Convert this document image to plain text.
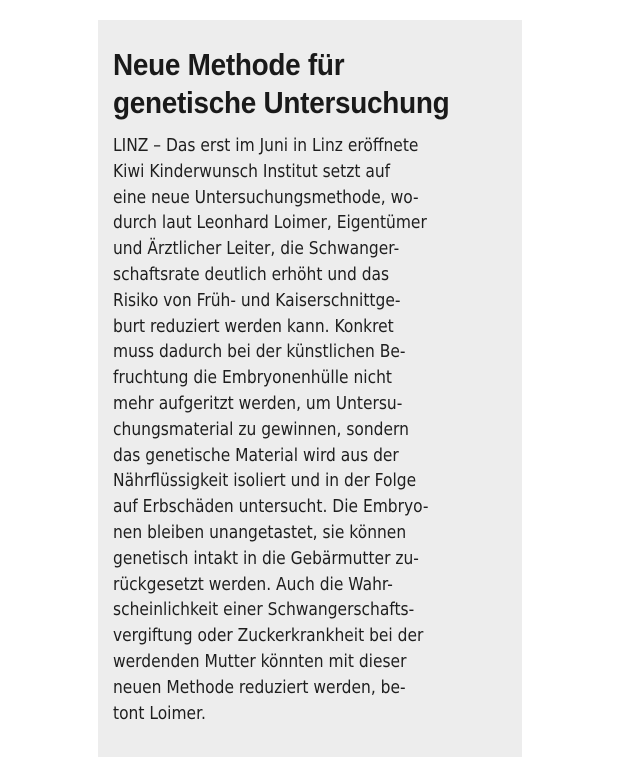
Neue Methode für
genetische Untersuchung
LINZ – Das erst im Juni in Linz eröffnete
Kiwi Kinderwunsch Institut setzt auf
eine neue Untersuchungsmethode, wo-
durch laut Leonhard Loimer, Eigentümer
und Ärztlicher Leiter, die Schwanger-
schaftsrate deutlich erhöht und das
Risiko von Früh- und Kaiserschnittge-
burt reduziert werden kann. Konkret
muss dadurch bei der künstlichen Be-
fruchtung die Embryonenhülle nicht
mehr aufgeritzt werden, um Untersu-
chungsmaterial zu gewinnen, sondern
das genetische Material wird aus der
Nährflüssigkeit isoliert und in der Folge
auf Erbschäden untersucht. Die Embryo-
nen bleiben unangetastet, sie können
genetisch intakt in die Gebärmutter zu-
rückgesetzt werden. Auch die Wahr-
scheinlichkeit einer Schwangerschafts-
vergiftung oder Zuckerkrankheit bei der
werdenden Mutter könnten mit dieser
neuen Methode reduziert werden, be-
tont Loimer.
